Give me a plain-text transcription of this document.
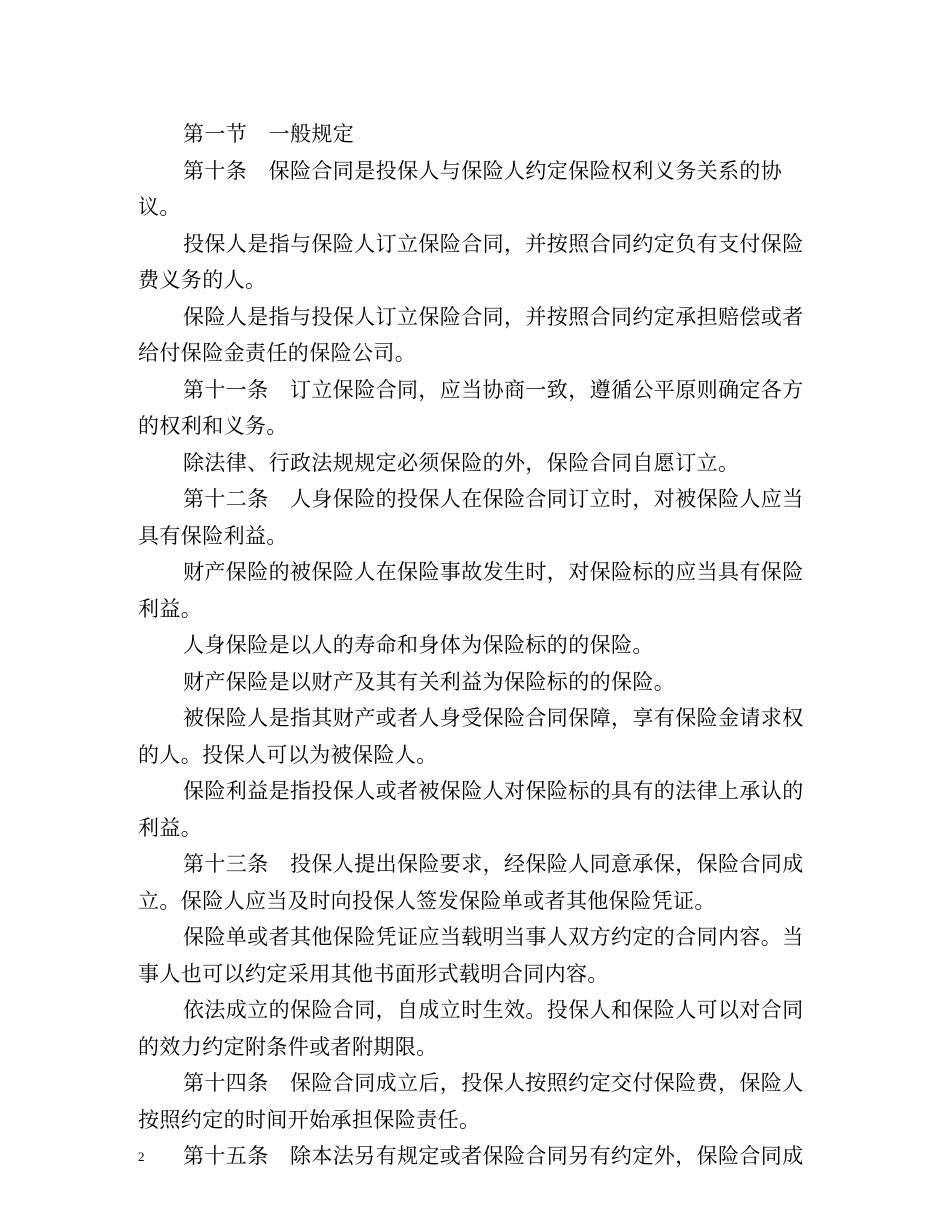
第一节　一般规定

第十条　保险合同是投保人与保险人约定保险权利义务关系的协议。

投保人是指与保险人订立保险合同，并按照合同约定负有支付保险费义务的人。

保险人是指与投保人订立保险合同，并按照合同约定承担赔偿或者给付保险金责任的保险公司。

第十一条　订立保险合同，应当协商一致，遵循公平原则确定各方的权利和义务。

除法律、行政法规规定必须保险的外，保险合同自愿订立。

第十二条　人身保险的投保人在保险合同订立时，对被保险人应当具有保险利益。

财产保险的被保险人在保险事故发生时，对保险标的应当具有保险利益。

人身保险是以人的寿命和身体为保险标的的保险。

财产保险是以财产及其有关利益为保险标的的保险。

被保险人是指其财产或者人身受保险合同保障，享有保险金请求权的人。投保人可以为被保险人。

保险利益是指投保人或者被保险人对保险标的具有的法律上承认的利益。

第十三条　投保人提出保险要求，经保险人同意承保，保险合同成立。保险人应当及时向投保人签发保险单或者其他保险凭证。

保险单或者其他保险凭证应当载明当事人双方约定的合同内容。当事人也可以约定采用其他书面形式载明合同内容。

依法成立的保险合同，自成立时生效。投保人和保险人可以对合同的效力约定附条件或者附期限。

第十四条　保险合同成立后，投保人按照约定交付保险费，保险人按照约定的时间开始承担保险责任。

第十五条　除本法另有规定或者保险合同另有约定外，保险合同成

2
